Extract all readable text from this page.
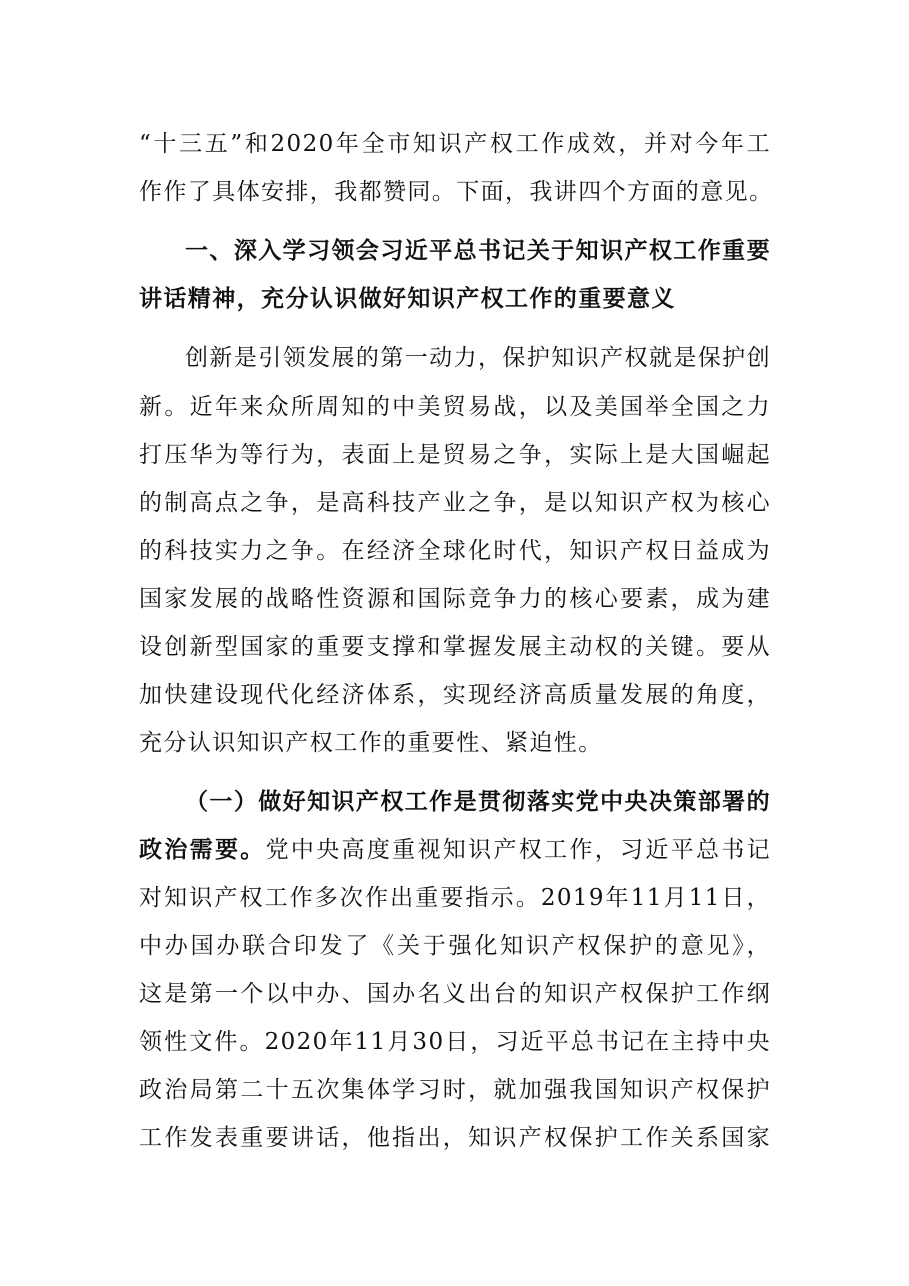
“十三五”和2020年全市知识产权工作成效，并对今年工
作作了具体安排，我都赞同。下面，我讲四个方面的意见。
一、深入学习领会习近平总书记关于知识产权工作重要
讲话精神，充分认识做好知识产权工作的重要意义
创新是引领发展的第一动力，保护知识产权就是保护创
新。近年来众所周知的中美贸易战，以及美国举全国之力
打压华为等行为，表面上是贸易之争，实际上是大国崛起
的制高点之争，是高科技产业之争，是以知识产权为核心
的科技实力之争。在经济全球化时代，知识产权日益成为
国家发展的战略性资源和国际竞争力的核心要素，成为建
设创新型国家的重要支撑和掌握发展主动权的关键。要从
加快建设现代化经济体系，实现经济高质量发展的角度，
充分认识知识产权工作的重要性、紧迫性。
（一）做好知识产权工作是贯彻落实党中央决策部署的
政治需要。党中央高度重视知识产权工作，习近平总书记
对知识产权工作多次作出重要指示。2019年11月11日，
中办国办联合印发了《关于强化知识产权保护的意见》，
这是第一个以中办、国办名义出台的知识产权保护工作纲
领性文件。2020年11月30日，习近平总书记在主持中央
政治局第二十五次集体学习时，就加强我国知识产权保护
工作发表重要讲话，他指出，知识产权保护工作关系国家
